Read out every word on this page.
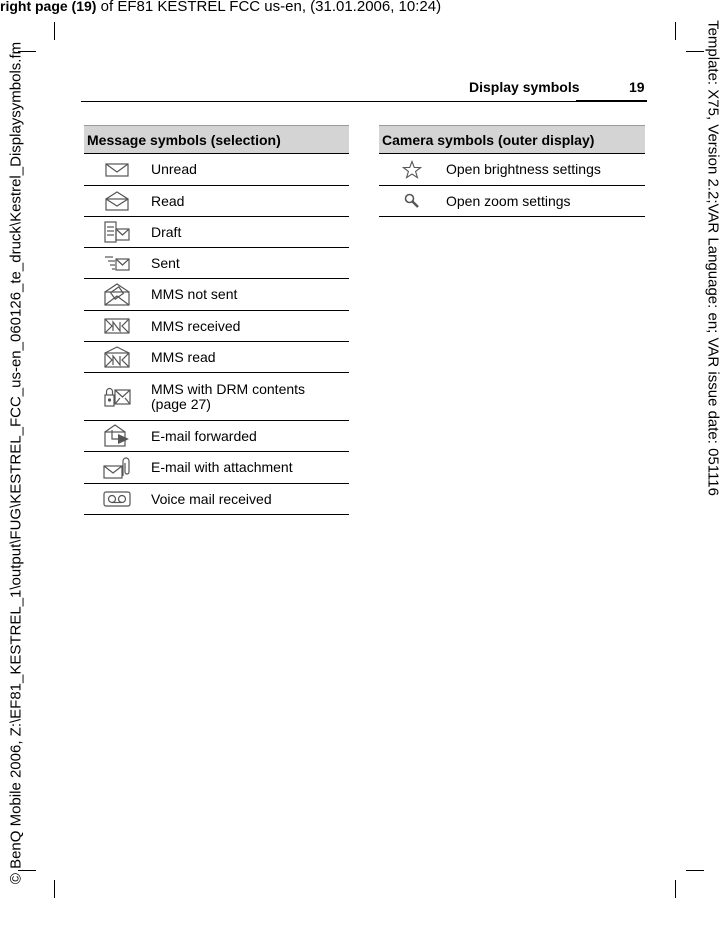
right page (19) of EF81 KESTREL FCC us-en, (31.01.2006, 10:24)
© BenQ Mobile 2006, Z:\EF81_KESTREL_1\output\FUG\KESTREL_FCC_us-en_060126_te_druck\Kestrel_Displaysymbols.fm	Template: X75, Version 2.2;VAR Language: en; VAR issue date: 051116
Display symbols	19
Message symbols (selection)	

	Unread

	Read

	Draft

	Sent

	MMS not sent

	MMS received

	MMS read

	MMS with DRM contents
(page 27)

	E-mail forwarded

	E-mail with attachment

	Voice mail received
Camera symbols (outer display)	

	Open brightness settings

	Open zoom settings
